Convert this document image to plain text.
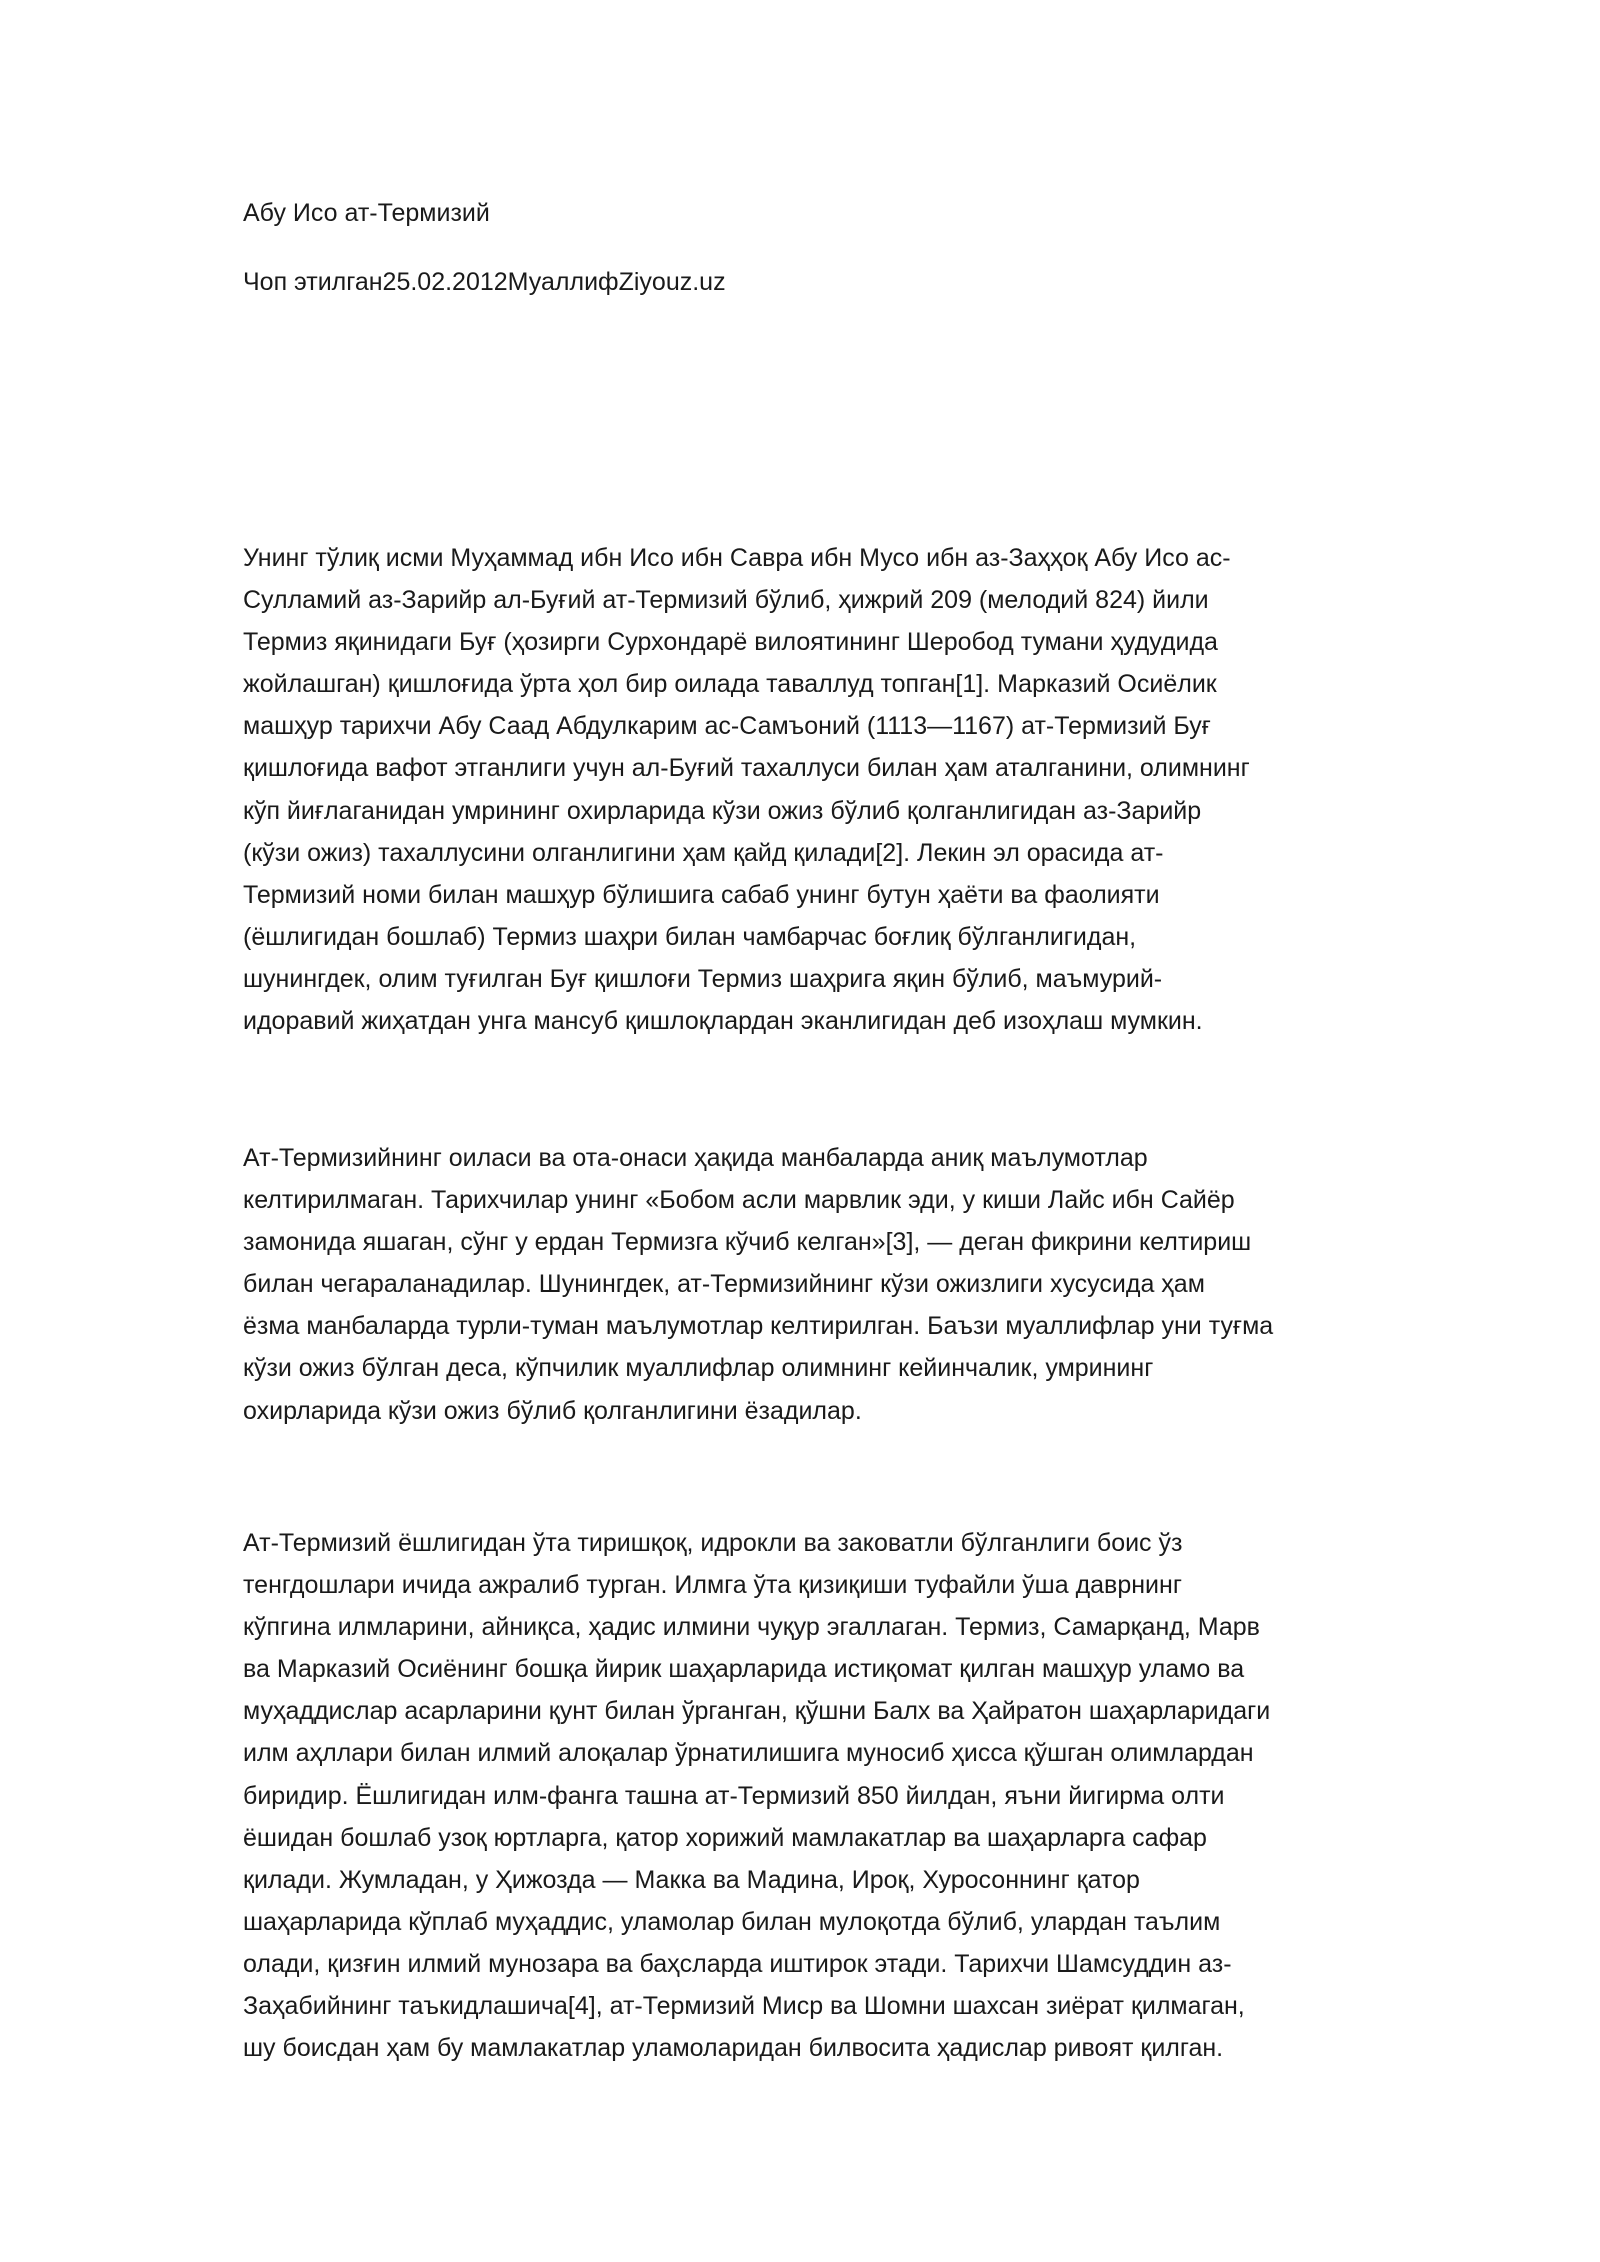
Абу Исо ат-Термизий

Чоп этилган25.02.2012МуаллифZiyouz.uz

Унинг тўлиқ исми Муҳаммад ибн Исо ибн Савра ибн Мусо ибн аз-Заҳҳоқ Абу Исо ас-
Сулламий аз-Зарийр ал-Буғий ат-Термизий бўлиб, ҳижрий 209 (мелодий 824) йили
Термиз яқинидаги Буғ (ҳозирги Сурхондарё вилоятининг Шеробод тумани ҳудудида
жойлашган) қишлоғида ўрта ҳол бир оилада таваллуд топган[1]. Марказий Осиёлик
машҳур тарихчи Абу Саад Абдулкарим ас-Самъоний (1113—1167) ат-Термизий Буғ
қишлоғида вафот этганлиги учун ал-Буғий тахаллуси билан ҳам аталганини, олимнинг
кўп йиғлаганидан умрининг охирларида кўзи ожиз бўлиб қолганлигидан аз-Зарийр
(кўзи ожиз) тахаллусини олганлигини ҳам қайд қилади[2]. Лекин эл орасида ат-
Термизий номи билан машҳур бўлишига сабаб унинг бутун ҳаёти ва фаолияти
(ёшлигидан бошлаб) Термиз шаҳри билан чамбарчас боғлиқ бўлганлигидан,
шунингдек, олим туғилган Буғ қишлоғи Термиз шаҳрига яқин бўлиб, маъмурий-
идоравий жиҳатдан унга мансуб қишлоқлардан эканлигидан деб изоҳлаш мумкин.

Ат-Термизийнинг оиласи ва ота-онаси ҳақида манбаларда аниқ маълумотлар
келтирилмаган. Тарихчилар унинг «Бобом асли марвлик эди, у киши Лайс ибн Сайёр
замонида яшаган, сўнг у ердан Термизга кўчиб келган»[3], — деган фикрини келтириш
билан чегараланадилар. Шунингдек, ат-Термизийнинг кўзи ожизлиги хусусида ҳам
ёзма манбаларда турли-туман маълумотлар келтирилган. Баъзи муаллифлар уни туғма
кўзи ожиз бўлган деса, кўпчилик муаллифлар олимнинг кейинчалик, умрининг
охирларида кўзи ожиз бўлиб қолганлигини ёзадилар.

Ат-Термизий ёшлигидан ўта тиришқоқ, идрокли ва заковатли бўлганлиги боис ўз
тенгдошлари ичида ажралиб турган. Илмга ўта қизиқиши туфайли ўша даврнинг
кўпгина илмларини, айниқса, ҳадис илмини чуқур эгаллаган. Термиз, Самарқанд, Марв
ва Марказий Осиёнинг бошқа йирик шаҳарларида истиқомат қилган машҳур уламо ва
муҳаддислар асарларини қунт билан ўрганган, қўшни Балх ва Ҳайратон шаҳарларидаги
илм аҳллари билан илмий алоқалар ўрнатилишига муносиб ҳисса қўшган олимлардан
биридир. Ёшлигидан илм-фанга ташна ат-Термизий 850 йилдан, яъни йигирма олти
ёшидан бошлаб узоқ юртларга, қатор хорижий мамлакатлар ва шаҳарларга сафар
қилади. Жумладан, у Ҳижозда — Макка ва Мадина, Ироқ, Хуросоннинг қатор
шаҳарларида кўплаб муҳаддис, уламолар билан мулоқотда бўлиб, улардан таълим
олади, қизғин илмий мунозара ва баҳсларда иштирок этади. Тарихчи Шамсуддин аз-
Заҳабийнинг таъкидлашича[4], ат-Термизий Миср ва Шомни шахсан зиёрат қилмаган,
шу боисдан ҳам бу мамлакатлар уламоларидан билвосита ҳадислар ривоят қилган.
